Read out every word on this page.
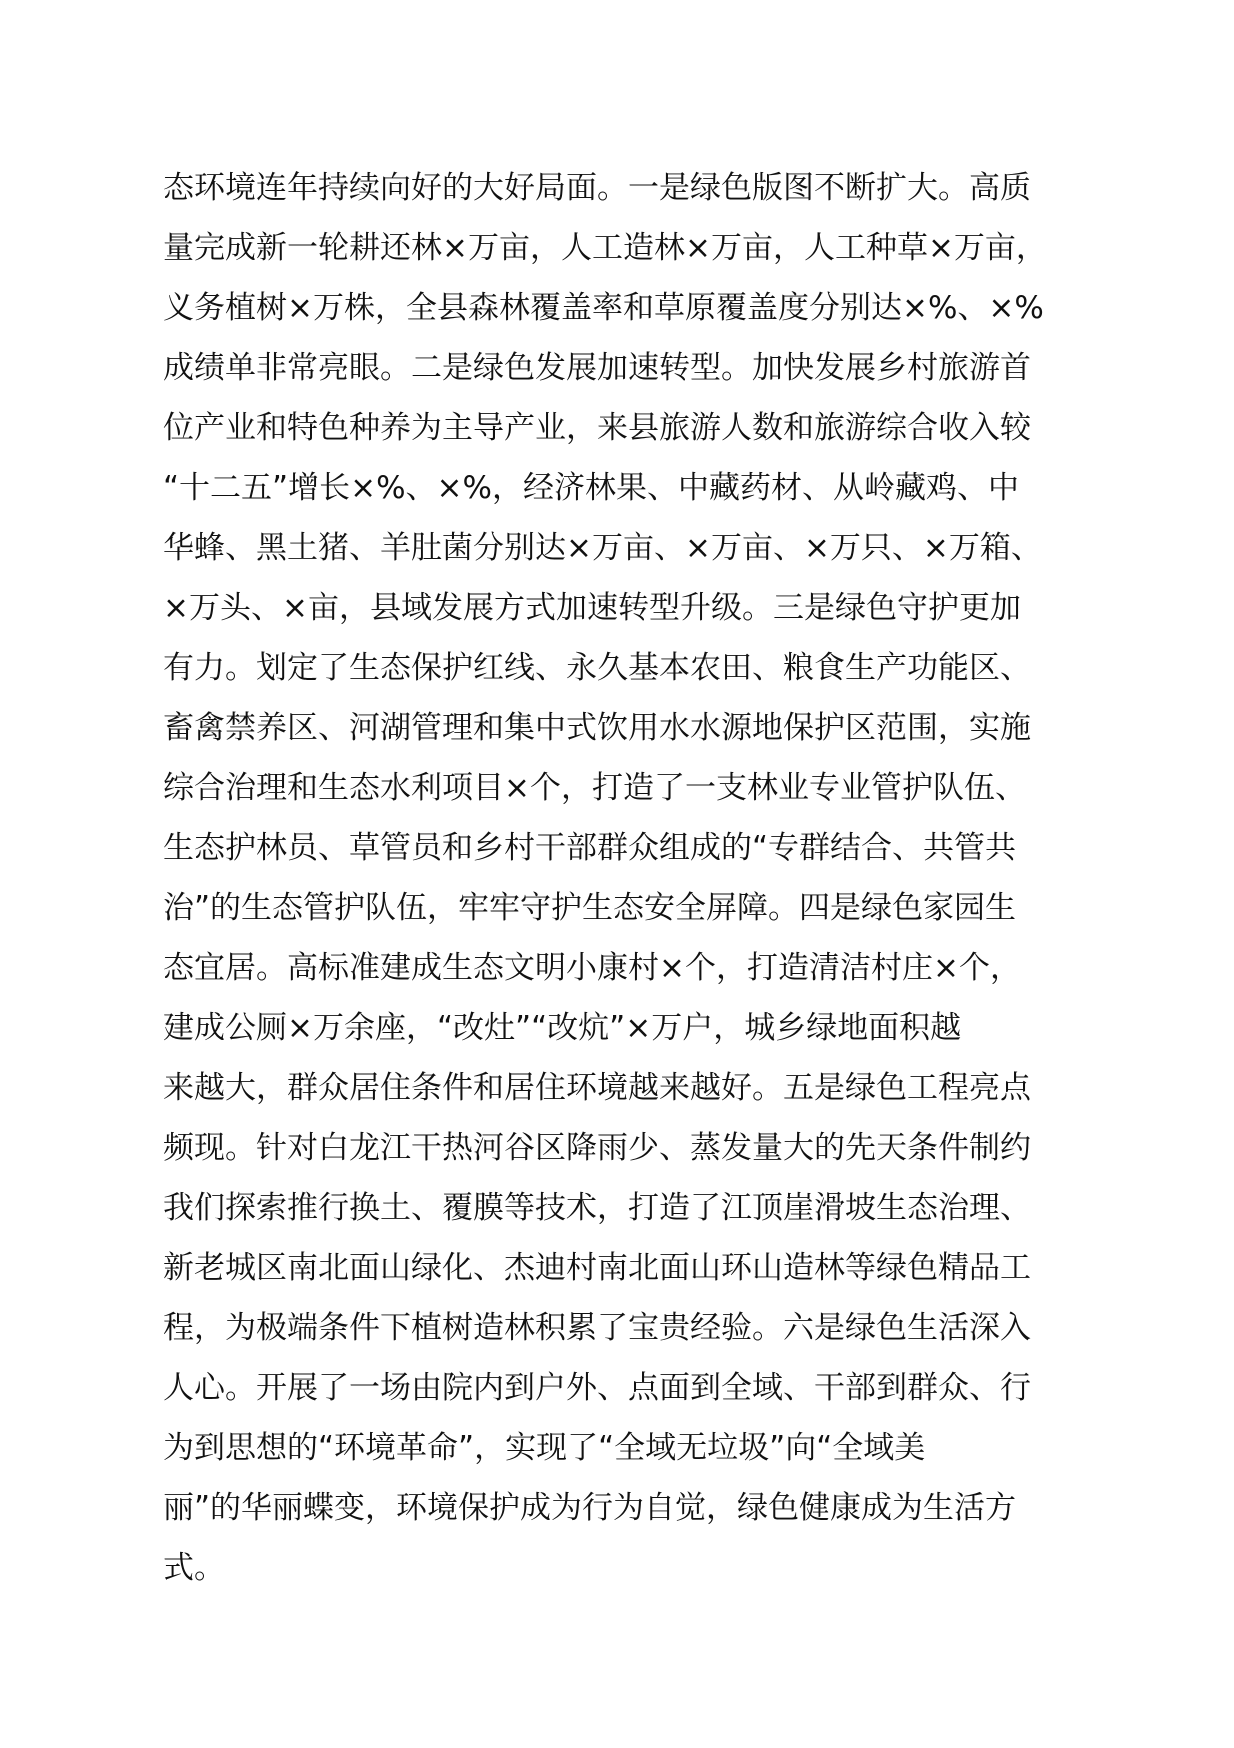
态环境连年持续向好的大好局面。一是绿色版图不断扩大。高质
量完成新一轮耕还林×万亩，人工造林×万亩，人工种草×万亩，
义务植树×万株，全县森林覆盖率和草原覆盖度分别达×%、×%
成绩单非常亮眼。二是绿色发展加速转型。加快发展乡村旅游首
位产业和特色种养为主导产业，来县旅游人数和旅游综合收入较
“十二五”增长×%、×%，经济林果、中藏药材、从岭藏鸡、中
华蜂、黑土猪、羊肚菌分别达×万亩、×万亩、×万只、×万箱、
×万头、×亩，县域发展方式加速转型升级。三是绿色守护更加
有力。划定了生态保护红线、永久基本农田、粮食生产功能区、
畜禽禁养区、河湖管理和集中式饮用水水源地保护区范围，实施
综合治理和生态水利项目×个，打造了一支林业专业管护队伍、
生态护林员、草管员和乡村干部群众组成的“专群结合、共管共
治”的生态管护队伍，牢牢守护生态安全屏障。四是绿色家园生
态宜居。高标准建成生态文明小康村×个，打造清洁村庄×个，
建成公厕×万余座，“改灶”“改炕”×万户，城乡绿地面积越
来越大，群众居住条件和居住环境越来越好。五是绿色工程亮点
频现。针对白龙江干热河谷区降雨少、蒸发量大的先天条件制约
我们探索推行换土、覆膜等技术，打造了江顶崖滑坡生态治理、
新老城区南北面山绿化、杰迪村南北面山环山造林等绿色精品工
程，为极端条件下植树造林积累了宝贵经验。六是绿色生活深入
人心。开展了一场由院内到户外、点面到全域、干部到群众、行
为到思想的“环境革命”，实现了“全域无垃圾”向“全域美
丽”的华丽蝶变，环境保护成为行为自觉，绿色健康成为生活方
式。
